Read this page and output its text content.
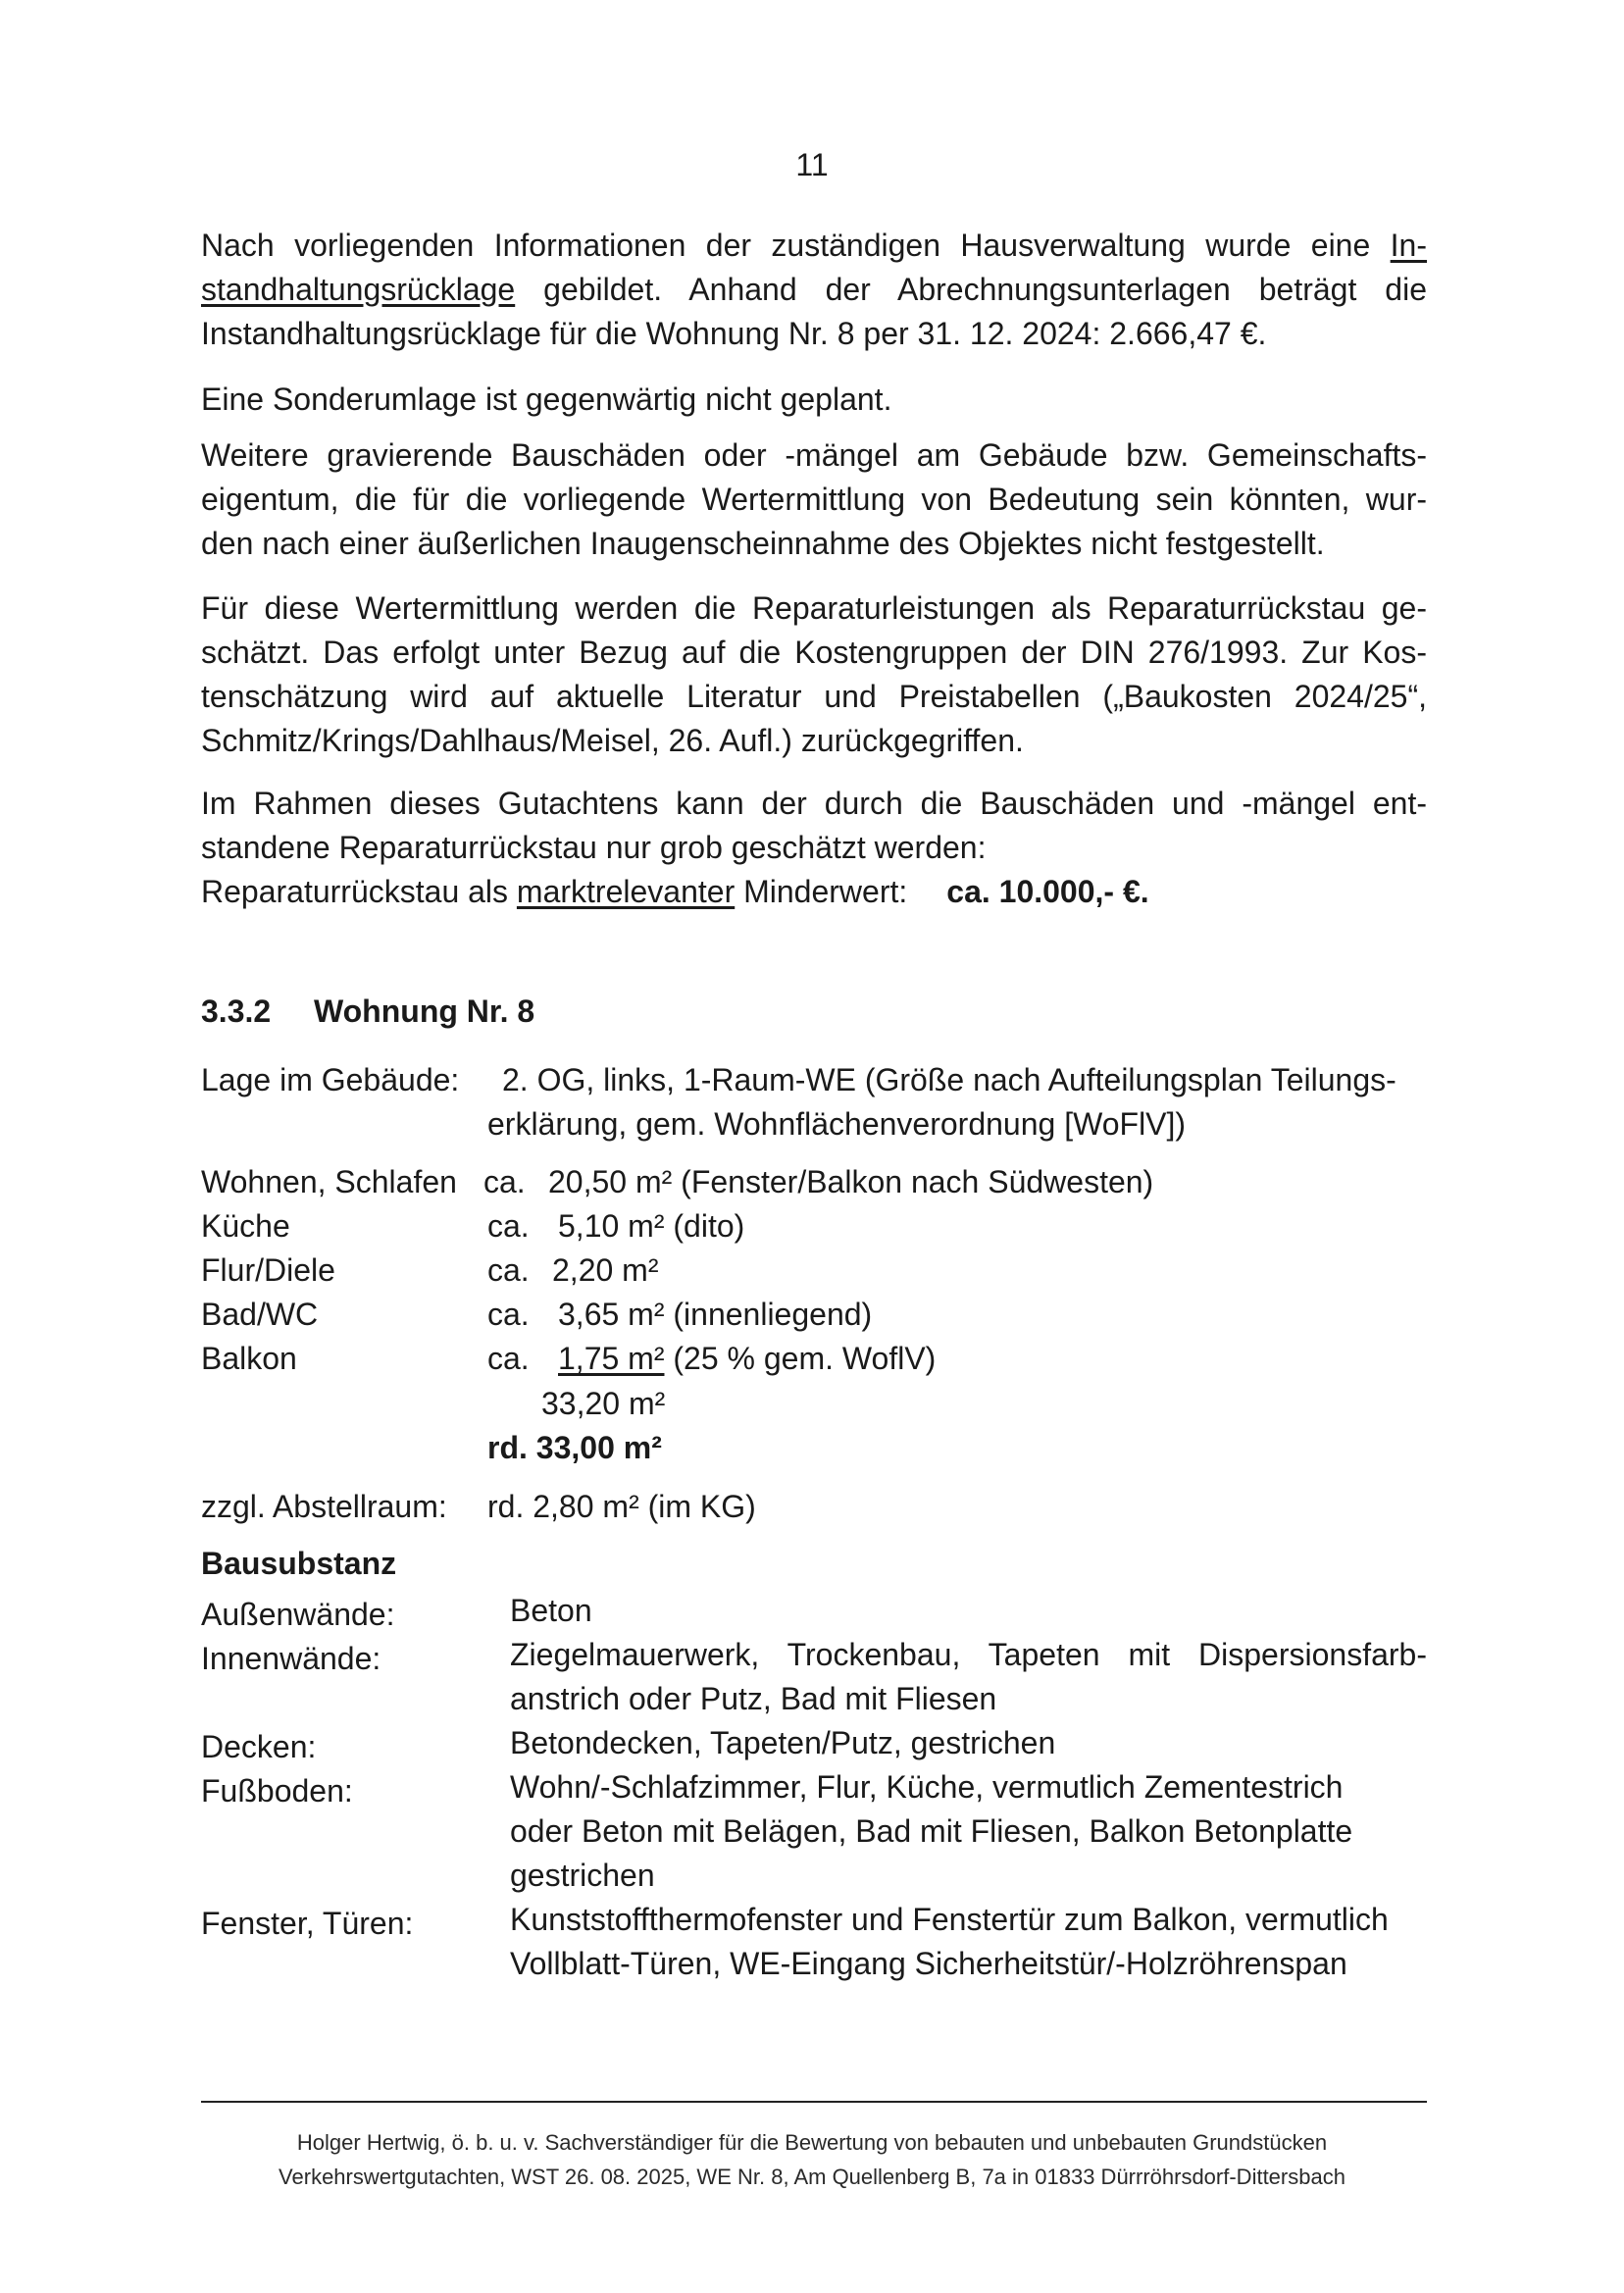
11
Nach vorliegenden Informationen der zuständigen Hausverwaltung wurde eine In-
standhaltungsrücklage gebildet. Anhand der Abrechnungsunterlagen beträgt die
Instandhaltungsrücklage für die Wohnung Nr. 8 per 31. 12. 2024: 2.666,47 €.
Eine Sonderumlage ist gegenwärtig nicht geplant.
Weitere gravierende Bauschäden oder -mängel am Gebäude bzw. Gemeinschafts-
eigentum, die für die vorliegende Wertermittlung von Bedeutung sein könnten, wur-
den nach einer äußerlichen Inaugenscheinnahme des Objektes nicht festgestellt.
Für diese Wertermittlung werden die Reparaturleistungen als Reparaturrückstau ge-
schätzt. Das erfolgt unter Bezug auf die Kostengruppen der DIN 276/1993. Zur Kos-
tenschätzung wird auf aktuelle Literatur und Preistabellen („Baukosten 2024/25“,
Schmitz/Krings/Dahlhaus/Meisel, 26. Aufl.) zurückgegriffen.
Im Rahmen dieses Gutachtens kann der durch die Bauschäden und -mängel ent-
standene Reparaturrückstau nur grob geschätzt werden:
Reparaturrückstau als marktrelevanter Minderwert: ca. 10.000,- €.
3.3.2 Wohnung Nr. 8
Lage im Gebäude: 2. OG, links, 1-Raum-WE (Größe nach Aufteilungsplan Teilungs-
erklärung, gem. Wohnflächenverordnung [WoFlV])
Wohnen, Schlafen ca. 20,50 m² (Fenster/Balkon nach Südwesten)
Küche	ca. 5,10 m² (dito)
Flur/Diele	ca. 2,20 m²
Bad/WC	ca. 3,65 m² (innenliegend)
Balkon	ca. 1,75 m² (25 % gem. WoflV)
33,20 m²
rd. 33,00 m²
zzgl. Abstellraum: rd. 2,80 m² (im KG)
Bausubstanz
Außenwände:	Beton
Innenwände:	Ziegelmauerwerk, Trockenbau, Tapeten mit Dispersionsfarb-
anstrich oder Putz, Bad mit Fliesen
Decken:	Betondecken, Tapeten/Putz, gestrichen
Fußboden:	Wohn/-Schlafzimmer, Flur, Küche, vermutlich Zementestrich
oder Beton mit Belägen, Bad mit Fliesen, Balkon Betonplatte
gestrichen
Fenster, Türen:	Kunststoffthermofenster und Fenstertür zum Balkon, vermutlich
Vollblatt-Türen, WE-Eingang Sicherheitstür/-Holzröhrenspan
Holger Hertwig, ö. b. u. v. Sachverständiger für die Bewertung von bebauten und unbebauten Grundstücken
Verkehrswertgutachten, WST 26. 08. 2025, WE Nr. 8, Am Quellenberg B, 7a in 01833 Dürrröhrsdorf-Dittersbach
